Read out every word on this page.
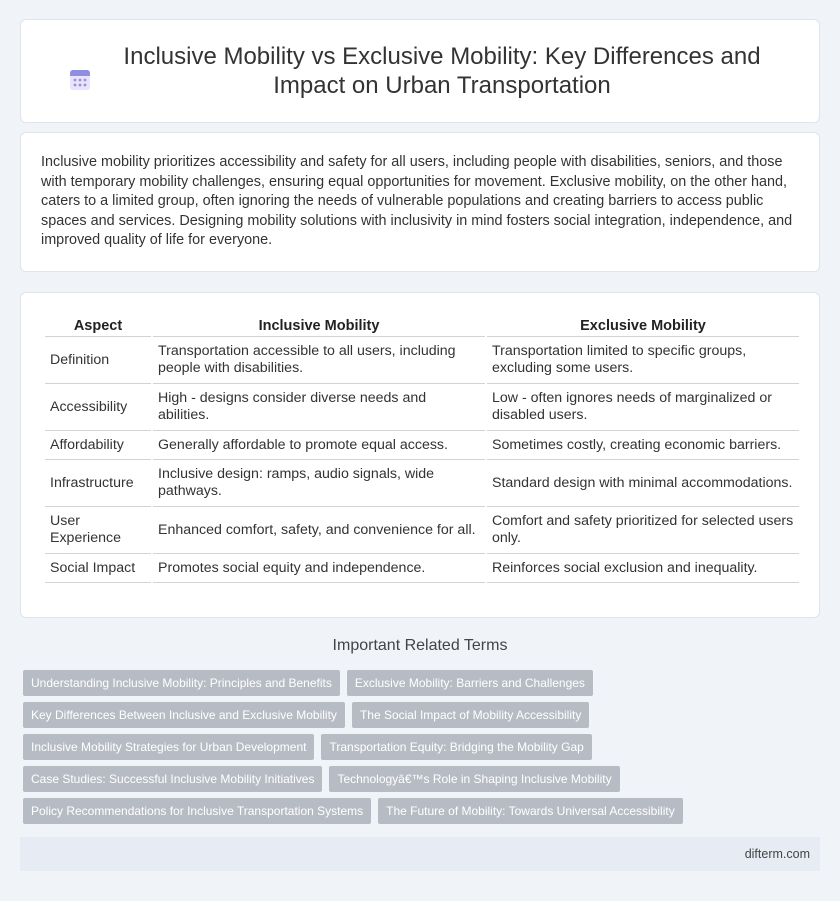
Inclusive Mobility vs Exclusive Mobility: Key Differences and Impact on Urban Transportation

Inclusive mobility prioritizes accessibility and safety for all users, including people with disabilities, seniors, and those with temporary mobility challenges, ensuring equal opportunities for movement. Exclusive mobility, on the other hand, caters to a limited group, often ignoring the needs of vulnerable populations and creating barriers to access public spaces and services. Designing mobility solutions with inclusivity in mind fosters social integration, independence, and improved quality of life for everyone.

Aspect	Inclusive Mobility	Exclusive Mobility
Definition	Transportation accessible to all users, including people with disabilities.	Transportation limited to specific groups, excluding some users.
Accessibility	High - designs consider diverse needs and abilities.	Low - often ignores needs of marginalized or disabled users.
Affordability	Generally affordable to promote equal access.	Sometimes costly, creating economic barriers.
Infrastructure	Inclusive design: ramps, audio signals, wide pathways.	Standard design with minimal accommodations.
User Experience	Enhanced comfort, safety, and convenience for all.	Comfort and safety prioritized for selected users only.
Social Impact	Promotes social equity and independence.	Reinforces social exclusion and inequality.
Important Related Terms
Understanding Inclusive Mobility: Principles and Benefits	Exclusive Mobility: Barriers and Challenges
Key Differences Between Inclusive and Exclusive Mobility	The Social Impact of Mobility Accessibility
Inclusive Mobility Strategies for Urban Development	Transportation Equity: Bridging the Mobility Gap
Case Studies: Successful Inclusive Mobility Initiatives	Technologyâ€™s Role in Shaping Inclusive Mobility
Policy Recommendations for Inclusive Transportation Systems	The Future of Mobility: Towards Universal Accessibility
difterm.com
